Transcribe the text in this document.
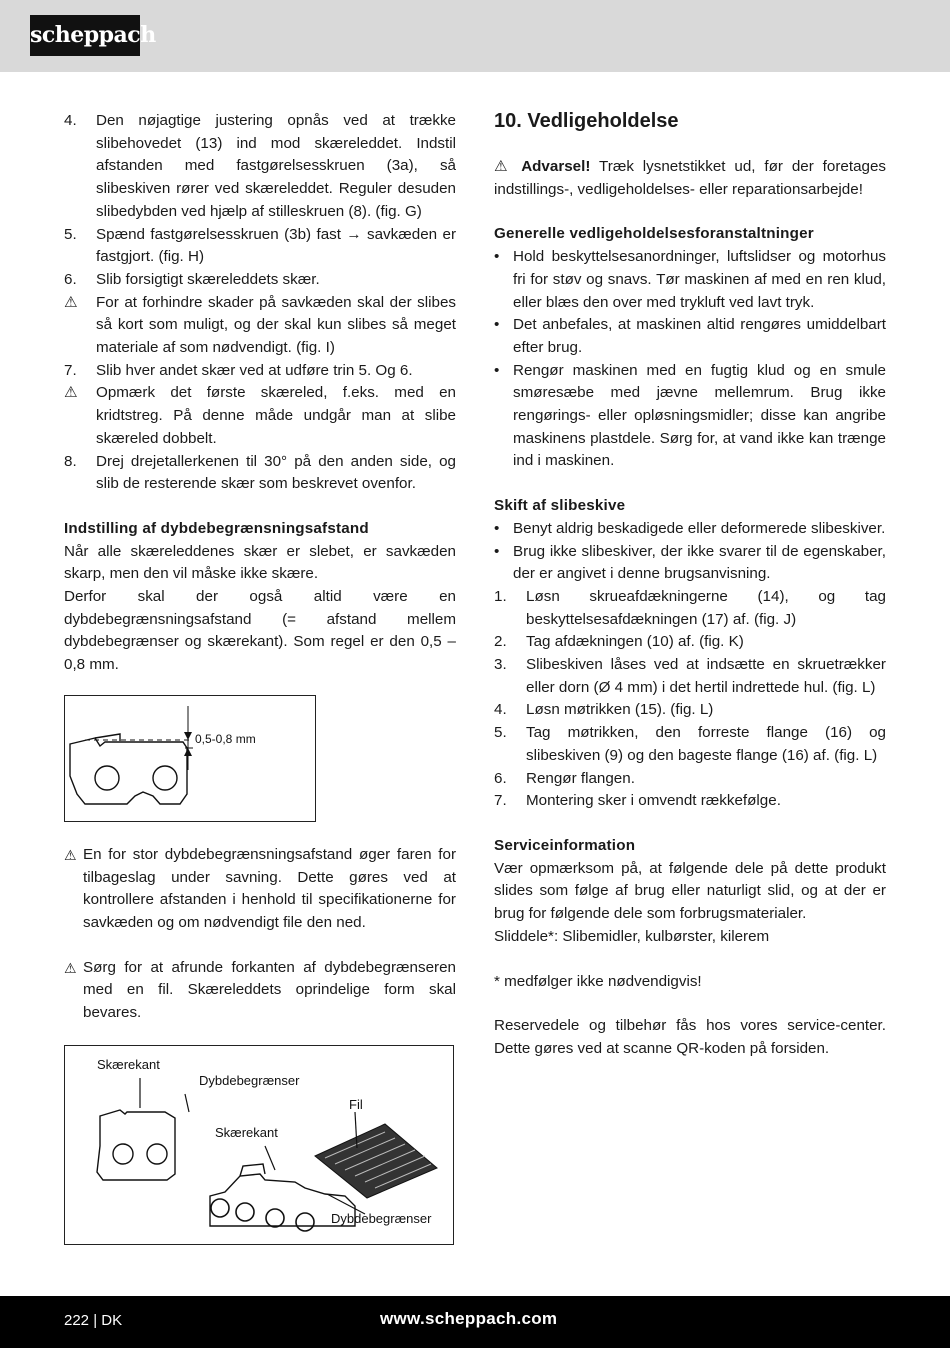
scheppach
4.	Den nøjagtige justering opnås ved at trække slibehovedet (13) ind mod skæreleddet. Indstil afstanden med fastgørelsesskruen (3a), så slibeskiven rører ved skæreleddet. Reguler desuden slibedybden ved hjælp af stilleskruen (8). (fig. G)
5.	Spænd fastgørelsesskruen (3b) fast → savkæden er fastgjort. (fig. H)
6.	Slib forsigtigt skæreleddets skær.
⚠	For at forhindre skader på savkæden skal der slibes så kort som muligt, og der skal kun slibes så meget materiale af som nødvendigt. (fig. I)
7.	Slib hver andet skær ved at udføre trin 5. Og 6.
⚠	Opmærk det første skæreled, f.eks. med en kridtstreg. På denne måde undgår man at slibe skæreled dobbelt.
8.	Drej drejetallerkenen til 30° på den anden side, og slib de resterende skær som beskrevet ovenfor.

Indstilling af dybdebegrænsningsafstand

Når alle skæreleddenes skær er slebet, er savkæden skarp, men den vil måske ikke skære.

Derfor skal der også altid være en dybdebegrænsningsafstand (= afstand mellem dybdebegrænser og skærekant). Som regel er den 0,5 – 0,8 mm.

0,5-0,8 mm
⚠ En for stor dybdebegrænsningsafstand øger faren for tilbageslag under savning. Dette gøres ved at kontrollere afstanden i henhold til specifikationerne for savkæden og om nødvendigt file den ned.
⚠ Sørg for at afrunde forkanten af dybdebegrænseren med en fil. Skæreleddets oprindelige form skal bevares.
Skærekant
Dybdebegrænser
Fil
Skærekant
Dybdebegrænser

10. Vedligeholdelse

⚠ Advarsel! Træk lysnetstikket ud, før der foretages indstillings-, vedligeholdelses- eller reparationsarbejde!

Generelle vedligeholdelsesforanstaltninger

• Hold beskyttelsesanordninger, luftslidser og motorhus fri for støv og snavs. Tør maskinen af med en ren klud, eller blæs den over med trykluft ved lavt tryk.
• Det anbefales, at maskinen altid rengøres umiddelbart efter brug.
• Rengør maskinen med en fugtig klud og en smule smøresæbe med jævne mellemrum. Brug ikke rengørings- eller opløsningsmidler; disse kan angribe maskinens plastdele. Sørg for, at vand ikke kan trænge ind i maskinen.

Skift af slibeskive

• Benyt aldrig beskadigede eller deformerede slibeskiver.
• Brug ikke slibeskiver, der ikke svarer til de egenskaber, der er angivet i denne brugsanvisning.
1.	Løsn skrueafdækningerne (14), og tag beskyttelsesafdækningen (17) af. (fig. J)
2.	Tag afdækningen (10) af. (fig. K)
3.	Slibeskiven låses ved at indsætte en skruetrækker eller dorn (Ø 4 mm) i det hertil indrettede hul. (fig. L)
4.	Løsn møtrikken (15). (fig. L)
5.	Tag møtrikken, den forreste flange (16) og slibeskiven (9) og den bageste flange (16) af. (fig. L)
6.	Rengør flangen.
7.	Montering sker i omvendt rækkefølge.

Serviceinformation

Vær opmærksom på, at følgende dele på dette produkt slides som følge af brug eller naturligt slid, og at der er brug for følgende dele som forbrugsmaterialer.

Sliddele*: Slibemidler, kulbørster, kilerem

* medfølger ikke nødvendigvis!

Reservedele og tilbehør fås hos vores service-center. Dette gøres ved at scanne QR-koden på forsiden.

222 | DK	www.scheppach.com
